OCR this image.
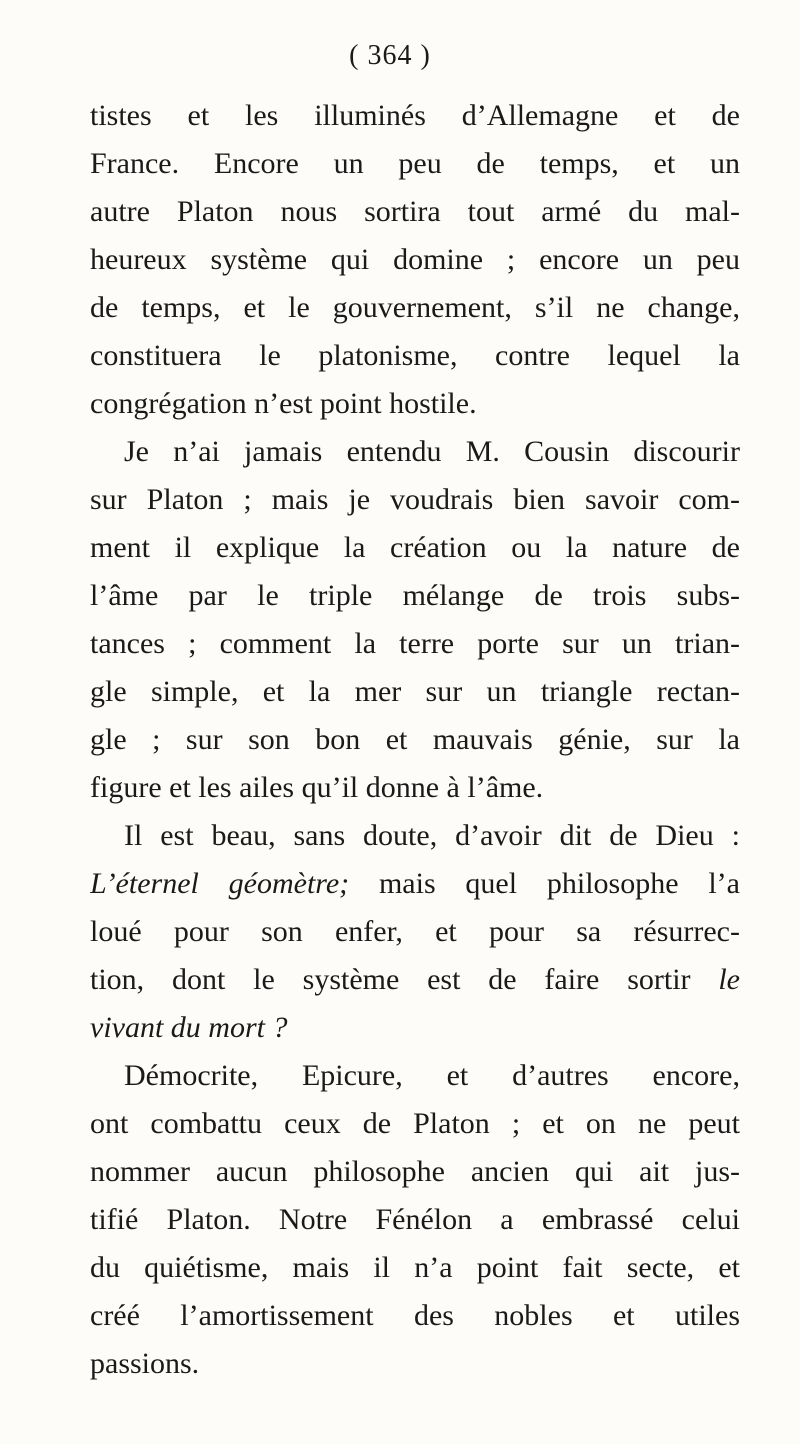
( 364 )
tistes et les illuminés d’Allemagne et de
France. Encore un peu de temps, et un
autre Platon nous sortira tout armé du mal-
heureux système qui domine ; encore un peu
de temps, et le gouvernement, s’il ne change,
constituera le platonisme, contre lequel la
congrégation n’est point hostile.
Je n’ai jamais entendu M. Cousin discourir
sur Platon ; mais je voudrais bien savoir com-
ment il explique la création ou la nature de
l’âme par le triple mélange de trois subs-
tances ; comment la terre porte sur un trian-
gle simple, et la mer sur un triangle rectan-
gle ; sur son bon et mauvais génie, sur la
figure et les ailes qu’il donne à l’âme.
Il est beau, sans doute, d’avoir dit de Dieu :
L’éternel géomètre; mais quel philosophe l’a
loué pour son enfer, et pour sa résurrec-
tion, dont le système est de faire sortir le
vivant du mort ?
Démocrite, Epicure, et d’autres encore,
ont combattu ceux de Platon ; et on ne peut
nommer aucun philosophe ancien qui ait jus-
tifié Platon. Notre Fénélon a embrassé celui
du quiétisme, mais il n’a point fait secte, et
créé l’amortissement des nobles et utiles
passions.
